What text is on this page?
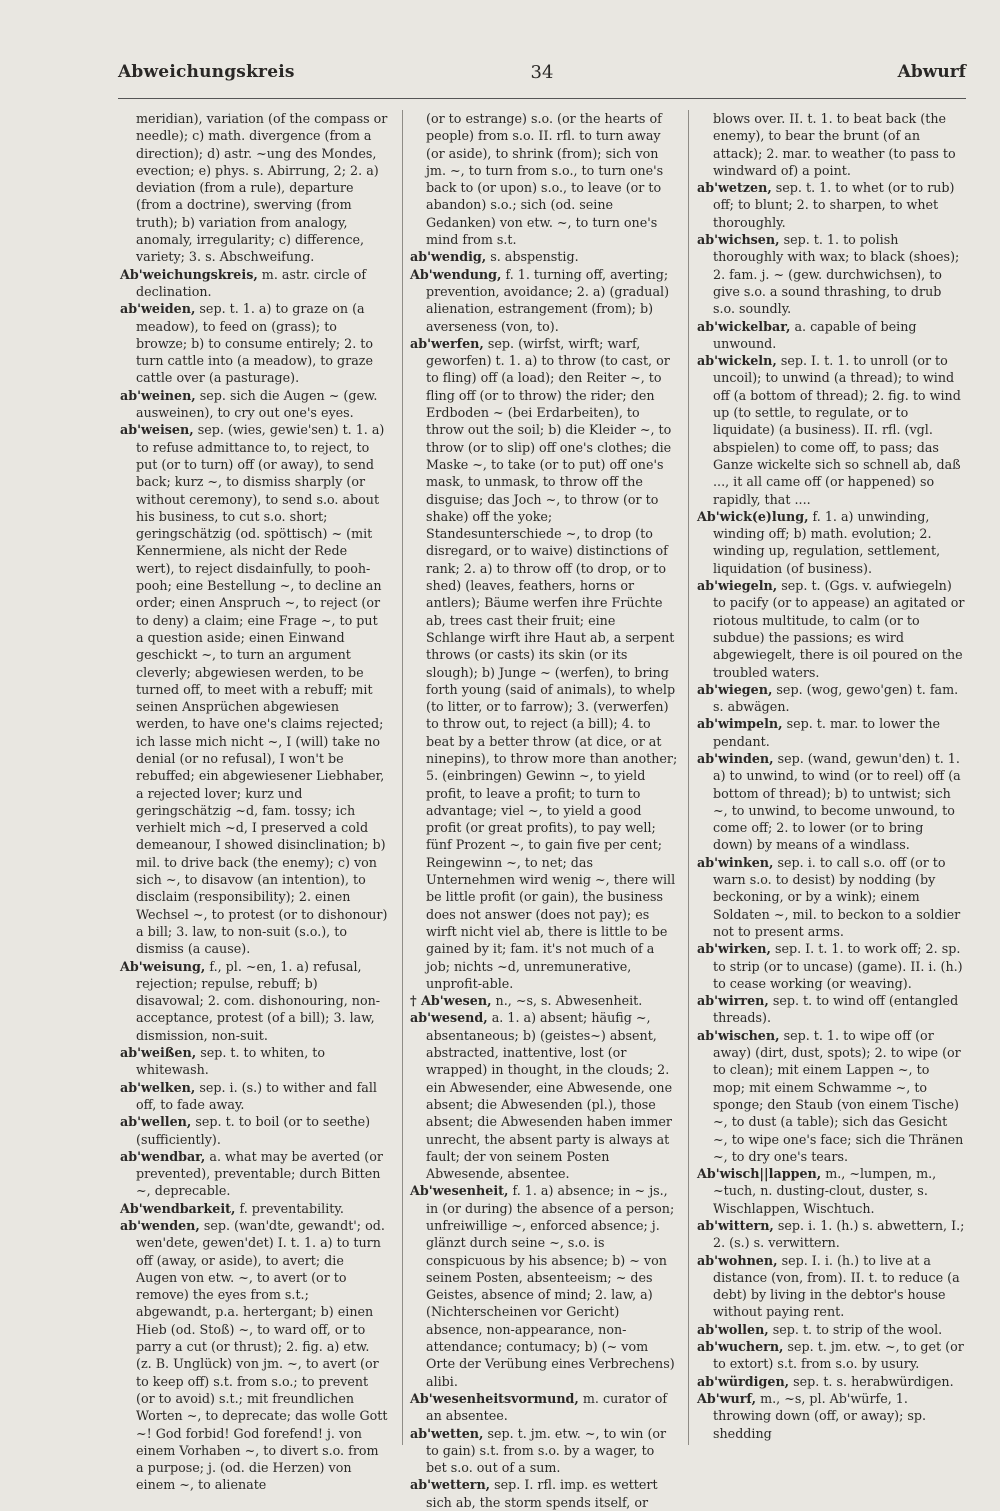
Abweichungskreis	34	Abwurf

meridian), variation (of the compass or needle); c) math. divergence (from a direction); d) astr. ~ung des Mondes, evection; e) phys. s. Abirrung, 2; 2. a) deviation (from a rule), departure (from a doctrine), swerving (from truth); b) variation from analogy, anomaly, irregularity; c) difference, variety; 3. s. Abschweifung.

Ab'weichungskreis, m. astr. circle of declination.

ab'weiden, sep. t. 1. a) to graze on (a meadow), to feed on (grass); to browze; b) to consume entirely; 2. to turn cattle into (a meadow), to graze cattle over (a pasturage).

ab'weinen, sep. sich die Augen ~ (gew. ausweinen), to cry out one's eyes.

ab'weisen, sep. (wies, gewie'sen) t. 1. a) to refuse admittance to, to reject, to put (or to turn) off (or away), to send back; kurz ~, to dismiss sharply (or without ceremony), to send s.o. about his business, to cut s.o. short; geringschätzig (od. spöttisch) ~ (mit Kennermiene, als nicht der Rede wert), to reject disdainfully, to pooh-pooh; eine Bestellung ~, to decline an order; einen Anspruch ~, to reject (or to deny) a claim; eine Frage ~, to put a question aside; einen Einwand geschickt ~, to turn an argument cleverly; abgewiesen werden, to be turned off, to meet with a rebuff; mit seinen Ansprüchen abgewiesen werden, to have one's claims rejected; ich lasse mich nicht ~, I (will) take no denial (or no refusal), I won't be rebuffed; ein abgewiesener Liebhaber, a rejected lover; kurz und geringschätzig ~d, fam. tossy; ich verhielt mich ~d, I preserved a cold demeanour, I showed disinclination; b) mil. to drive back (the enemy); c) von sich ~, to disavow (an intention), to disclaim (responsibility); 2. einen Wechsel ~, to protest (or to dishonour) a bill; 3. law, to non-suit (s.o.), to dismiss (a cause).

Ab'weisung, f., pl. ~en, 1. a) refusal, rejection; repulse, rebuff; b) disavowal; 2. com. dishonouring, non-acceptance, protest (of a bill); 3. law, dismission, non-suit.

ab'weißen, sep. t. to whiten, to whitewash.

ab'welken, sep. i. (s.) to wither and fall off, to fade away.

ab'wellen, sep. t. to boil (or to seethe) (sufficiently).

ab'wendbar, a. what may be averted (or prevented), preventable; durch Bitten ~, deprecable.

Ab'wendbarkeit, f. preventability.

ab'wenden, sep. (wan'dte, gewandt'; od. wen'dete, gewen'det) I. t. 1. a) to turn off (away, or aside), to avert; die Augen von etw. ~, to avert (or to remove) the eyes from s.t.; abgewandt, p.a. hertergant; b) einen Hieb (od. Stoß) ~, to ward off, or to parry a cut (or thrust); 2. fig. a) etw. (z. B. Unglück) von jm. ~, to avert (or to keep off) s.t. from s.o.; to prevent (or to avoid) s.t.; mit freundlichen Worten ~, to deprecate; das wolle Gott ~! God forbid! God forefend! j. von einem Vorhaben ~, to divert s.o. from a purpose; j. (od. die Herzen) von einem ~, to alienate

(or to estrange) s.o. (or the hearts of people) from s.o. II. rfl. to turn away (or aside), to shrink (from); sich von jm. ~, to turn from s.o., to turn one's back to (or upon) s.o., to leave (or to abandon) s.o.; sich (od. seine Gedanken) von etw. ~, to turn one's mind from s.t.

ab'wendig, s. abspenstig.

Ab'wendung, f. 1. turning off, averting; prevention, avoidance; 2. a) (gradual) alienation, estrangement (from); b) averseness (von, to).

ab'werfen, sep. (wirfst, wirft; warf, geworfen) t. 1. a) to throw (to cast, or to fling) off (a load); den Reiter ~, to fling off (or to throw) the rider; den Erdboden ~ (bei Erdarbeiten), to throw out the soil; b) die Kleider ~, to throw (or to slip) off one's clothes; die Maske ~, to take (or to put) off one's mask, to unmask, to throw off the disguise; das Joch ~, to throw (or to shake) off the yoke; Standesunterschiede ~, to drop (to disregard, or to waive) distinctions of rank; 2. a) to throw off (to drop, or to shed) (leaves, feathers, horns or antlers); Bäume werfen ihre Früchte ab, trees cast their fruit; eine Schlange wirft ihre Haut ab, a serpent throws (or casts) its skin (or its slough); b) Junge ~ (werfen), to bring forth young (said of animals), to whelp (to litter, or to farrow); 3. (verwerfen) to throw out, to reject (a bill); 4. to beat by a better throw (at dice, or at ninepins), to throw more than another; 5. (einbringen) Gewinn ~, to yield profit, to leave a profit; to turn to advantage; viel ~, to yield a good profit (or great profits), to pay well; fünf Prozent ~, to gain five per cent; Reingewinn ~, to net; das Unternehmen wird wenig ~, there will be little profit (or gain), the business does not answer (does not pay); es wirft nicht viel ab, there is little to be gained by it; fam. it's not much of a job; nichts ~d, unremunerative, unprofit-able.

† Ab'wesen, n., ~s, s. Abwesenheit.

ab'wesend, a. 1. a) absent; häufig ~, absentaneous; b) (geistes~) absent, abstracted, inattentive, lost (or wrapped) in thought, in the clouds; 2. ein Abwesender, eine Abwesende, one absent; die Abwesenden (pl.), those absent; die Abwesenden haben immer unrecht, the absent party is always at fault; der von seinem Posten Abwesende, absentee.

Ab'wesenheit, f. 1. a) absence; in ~ js., in (or during) the absence of a person; unfreiwillige ~, enforced absence; j. glänzt durch seine ~, s.o. is conspicuous by his absence; b) ~ von seinem Posten, absenteeism; ~ des Geistes, absence of mind; 2. law, a) (Nichterscheinen vor Gericht) absence, non-appearance, non-attendance; contumacy; b) (~ vom Orte der Verübung eines Verbrechens) alibi.

Ab'wesenheitsvormund, m. curator of an absentee.

ab'wetten, sep. t. jm. etw. ~, to win (or to gain) s.t. from s.o. by a wager, to bet s.o. out of a sum.

ab'wettern, sep. I. rfl. imp. es wettert sich ab, the storm spends itself, or

blows over. II. t. 1. to beat back (the enemy), to bear the brunt (of an attack); 2. mar. to weather (to pass to windward of) a point.

ab'wetzen, sep. t. 1. to whet (or to rub) off; to blunt; 2. to sharpen, to whet thoroughly.

ab'wichsen, sep. t. 1. to polish thoroughly with wax; to black (shoes); 2. fam. j. ~ (gew. durchwichsen), to give s.o. a sound thrashing, to drub s.o. soundly.

ab'wickelbar, a. capable of being unwound.

ab'wickeln, sep. I. t. 1. to unroll (or to uncoil); to unwind (a thread); to wind off (a bottom of thread); 2. fig. to wind up (to settle, to regulate, or to liquidate) (a business). II. rfl. (vgl. abspielen) to come off, to pass; das Ganze wickelte sich so schnell ab, daß ..., it all came off (or happened) so rapidly, that ....

Ab'wick(e)lung, f. 1. a) unwinding, winding off; b) math. evolution; 2. winding up, regulation, settlement, liquidation (of business).

ab'wiegeln, sep. t. (Ggs. v. aufwiegeln) to pacify (or to appease) an agitated or riotous multitude, to calm (or to subdue) the passions; es wird abgewiegelt, there is oil poured on the troubled waters.

ab'wiegen, sep. (wog, gewo'gen) t. fam. s. abwägen.

ab'wimpeln, sep. t. mar. to lower the pendant.

ab'winden, sep. (wand, gewun'den) t. 1. a) to unwind, to wind (or to reel) off (a bottom of thread); b) to untwist; sich ~, to unwind, to become unwound, to come off; 2. to lower (or to bring down) by means of a windlass.

ab'winken, sep. i. to call s.o. off (or to warn s.o. to desist) by nodding (by beckoning, or by a wink); einem Soldaten ~, mil. to beckon to a soldier not to present arms.

ab'wirken, sep. I. t. 1. to work off; 2. sp. to strip (or to uncase) (game). II. i. (h.) to cease working (or weaving).

ab'wirren, sep. t. to wind off (entangled threads).

ab'wischen, sep. t. 1. to wipe off (or away) (dirt, dust, spots); 2. to wipe (or to clean); mit einem Lappen ~, to mop; mit einem Schwamme ~, to sponge; den Staub (von einem Tische) ~, to dust (a table); sich das Gesicht ~, to wipe one's face; sich die Thränen ~, to dry one's tears.

Ab'wisch||lappen, m., ~lumpen, m., ~tuch, n. dusting-clout, duster, s. Wischlappen, Wischtuch.

ab'wittern, sep. i. 1. (h.) s. abwettern, I.; 2. (s.) s. verwittern.

ab'wohnen, sep. I. i. (h.) to live at a distance (von, from). II. t. to reduce (a debt) by living in the debtor's house without paying rent.

ab'wollen, sep. t. to strip of the wool.

ab'wuchern, sep. t. jm. etw. ~, to get (or to extort) s.t. from s.o. by usury.

ab'würdigen, sep. t. s. herabwürdigen.

Ab'wurf, m., ~s, pl. Ab'würfe, 1. throwing down (off, or away); sp. shedding
